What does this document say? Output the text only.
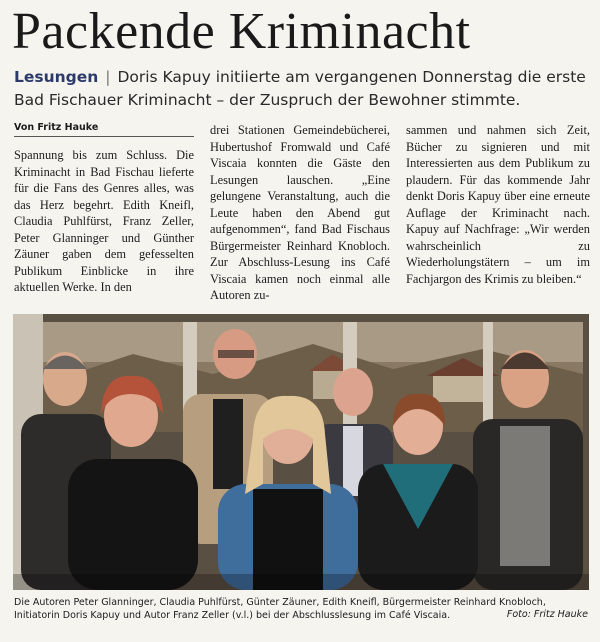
Packende Kriminacht
Lesungen | Doris Kapuy initiierte am vergangenen Donnerstag die erste Bad Fischauer Kriminacht – der Zuspruch der Bewohner stimmte.
Von Fritz Hauke
Spannung bis zum Schluss. Die Kriminacht in Bad Fischau lieferte für die Fans des Genres alles, was das Herz begehrt. Edith Kneifl, Claudia Puhlfürst, Franz Zeller, Peter Glanninger und Günther Zäuner gaben dem gefesselten Publikum Einblicke in ihre aktuellen Werke. In den
drei Stationen Gemeindebücherei, Hubertushof Fromwald und Café Viscaia konnten die Gäste den Lesungen lauschen. „Eine gelungene Veranstaltung, auch die Leute haben den Abend gut aufgenommen“, fand Bad Fischaus Bürgermeister Reinhard Knobloch. Zur Abschluss-Lesung ins Café Viscaia kamen noch einmal alle Autoren zu-
sammen und nahmen sich Zeit, Bücher zu signieren und mit Interessierten aus dem Publikum zu plaudern. Für das kommende Jahr denkt Doris Kapuy über eine erneute Auflage der Kriminacht nach. Kapuy auf Nachfrage: „Wir werden wahrscheinlich zu Wiederholungstätern – um im Fachjargon des Krimis zu bleiben.“
Die Autoren Peter Glanninger, Claudia Puhlfürst, Günter Zäuner, Edith Kneifl, Bürgermeister Reinhard Knobloch, Initiatorin Doris Kapuy und Autor Franz Zeller (v.l.) bei der Abschlusslesung im Café Viscaia.	Foto: Fritz Hauke
